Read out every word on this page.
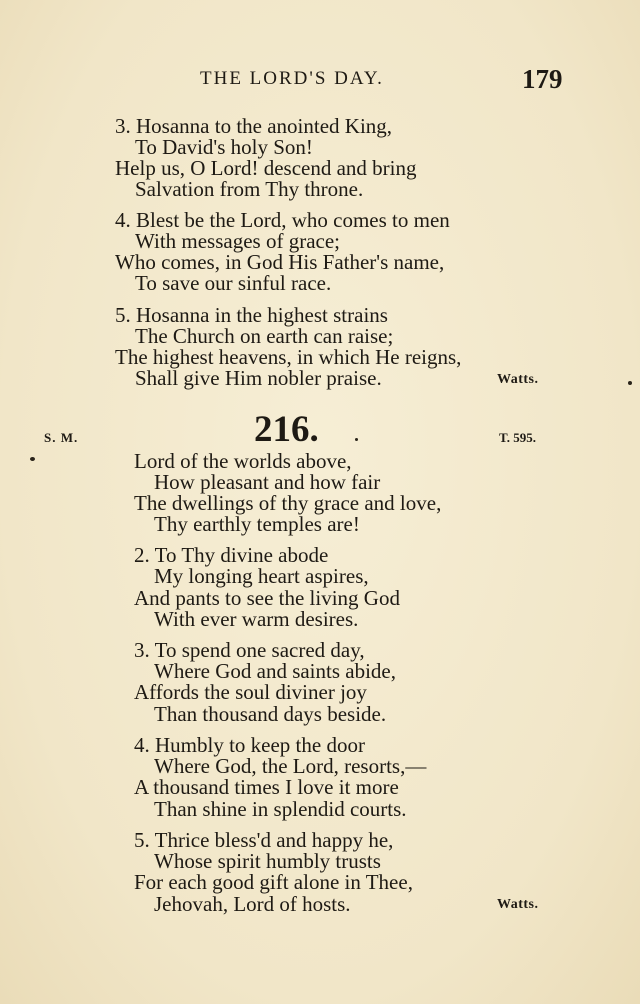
THE LORD'S DAY.	179
3. Hosanna to the anointed King,
To David's holy Son!
Help us, O Lord! descend and bring
Salvation from Thy throne.
4. Blest be the Lord, who comes to men
With messages of grace;
Who comes, in God His Father's name,
To save our sinful race.
5. Hosanna in the highest strains
The Church on earth can raise;
The highest heavens, in which He reigns,
Shall give Him nobler praise.	Watts.
S. M.	216.	T. 595.
Lord of the worlds above,
How pleasant and how fair
The dwellings of thy grace and love,
Thy earthly temples are!
2. To Thy divine abode
My longing heart aspires,
And pants to see the living God
With ever warm desires.
3. To spend one sacred day,
Where God and saints abide,
Affords the soul diviner joy
Than thousand days beside.
4. Humbly to keep the door
Where God, the Lord, resorts,—
A thousand times I love it more
Than shine in splendid courts.
5. Thrice bless'd and happy he,
Whose spirit humbly trusts
For each good gift alone in Thee,
Jehovah, Lord of hosts.	Watts.
